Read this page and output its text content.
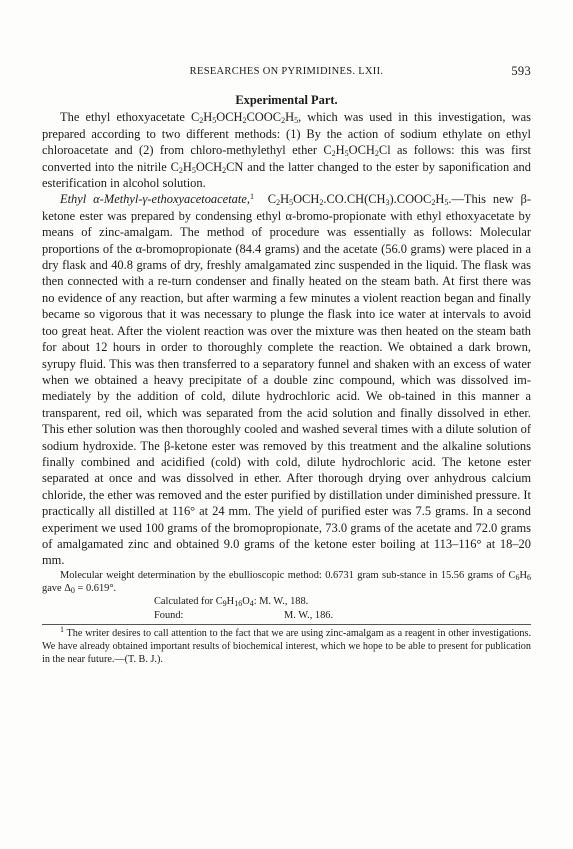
RESEARCHES ON PYRIMIDINES. LXII.	593
Experimental Part.

The ethyl ethoxyacetate $C_2H_5OCH_2COOC_2H_5$, which was used in this investigation, was prepared according to two different methods: (1) By the action of sodium ethylate on ethyl chloroacetate and (2) from chloro-methylethyl ether $C_2H_5OCH_2Cl$ as follows: this was first converted into the nitrile $C_2H_5OCH_2CN$ and the latter changed to the ester by saponification and esterification in alcohol solution.

Ethyl α-Methyl-γ-ethoxyacetoacetate,$^1$ $C_2H_5OCH_2.CO.CH(CH_3).COOC_2H_5.—This$ new β-ketone ester was prepared by condensing ethyl α-bromo-propionate with ethyl ethoxyacetate by means of zinc-amalgam. The method of procedure was essentially as follows: Molecular proportions of the α-bromopropionate (84.4 grams) and the acetate (56.0 grams) were placed in a dry flask and 40.8 grams of dry, freshly amalgamated zinc suspended in the liquid. The flask was then connected with a re-turn condenser and finally heated on the steam bath. At first there was no evidence of any reaction, but after warming a few minutes a violent reaction began and finally became so vigorous that it was necessary to plunge the flask into ice water at intervals to avoid too great heat. After the violent reaction was over the mixture was then heated on the steam bath for about 12 hours in order to thoroughly complete the reaction. We obtained a dark brown, syrupy fluid. This was then transferred to a separatory funnel and shaken with an excess of water when we obtained a heavy precipitate of a double zinc compound, which was dissolved im-mediately by the addition of cold, dilute hydrochloric acid. We ob-tained in this manner a transparent, red oil, which was separated from the acid solution and finally dissolved in ether. This ether solution was then thoroughly cooled and washed several times with a dilute solution of sodium hydroxide. The β-ketone ester was removed by this treatment and the alkaline solutions finally combined and acidified (cold) with cold, dilute hydrochloric acid. The ketone ester separated at once and was dissolved in ether. After thorough drying over anhydrous calcium chloride, the ether was removed and the ester purified by distillation under diminished pressure. It practically all distilled at 116° at 24 mm. The yield of purified ester was 7.5 grams. In a second experiment we used 100 grams of the bromopropionate, 73.0 grams of the acetate and 72.0 grams of amalgamated zinc and obtained 9.0 grams of the ketone ester boiling at 113–116° at 18–20 mm.

Molecular weight determination by the ebullioscopic method: 0.6731 gram sub-stance in 15.56 grams of $C_6H_6$ gave $\Delta_0 = 0.619^\circ$.

Calculated for $C_9H_{16}O_4$: M. W., 188.

Found:	M. W., 186.

$^1$ The writer desires to call attention to the fact that we are using zinc-amalgam as a reagent in other investigations. We have already obtained important results of biochemical interest, which we hope to be able to present for publication in the near future.—(T. B. J.).
